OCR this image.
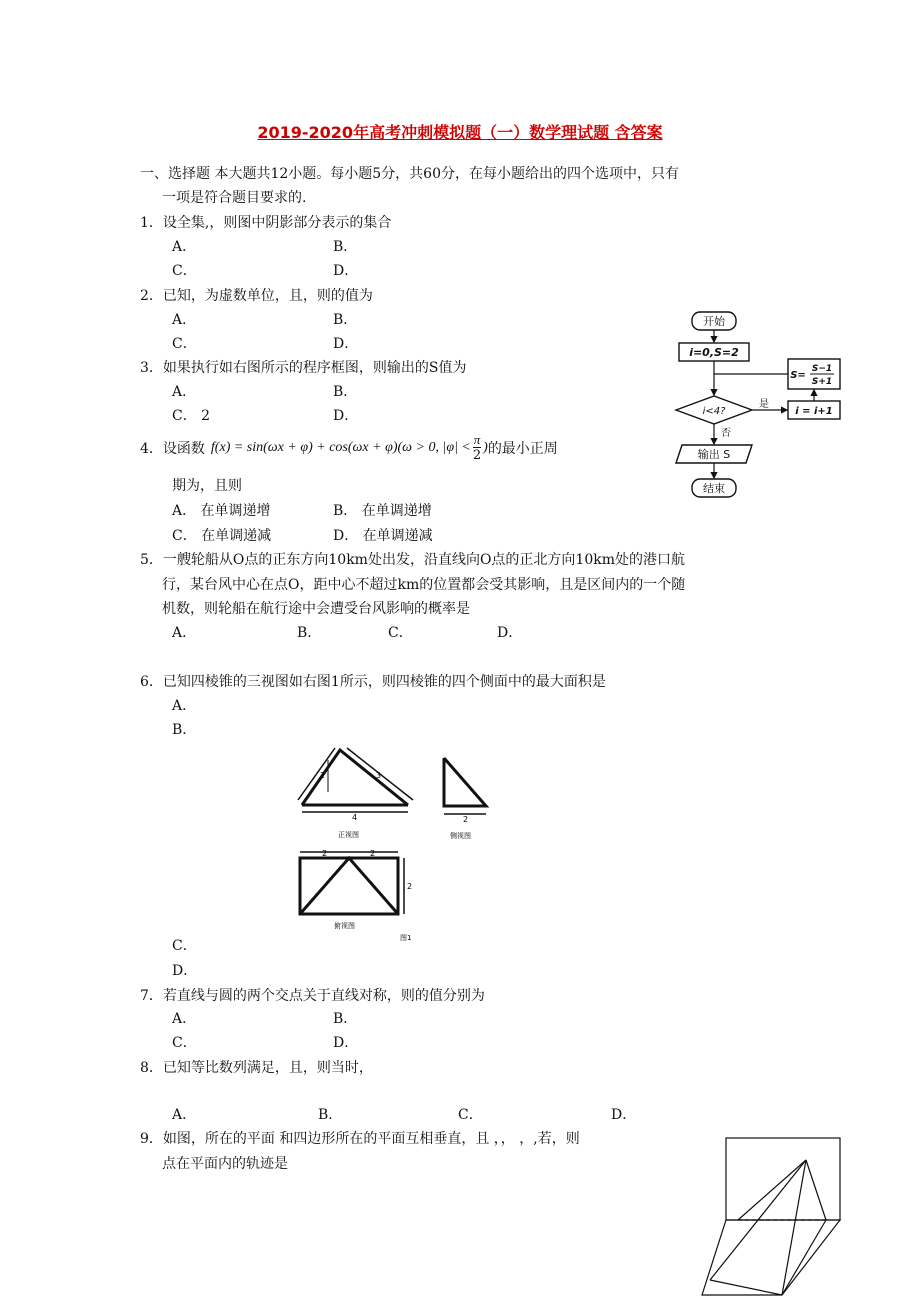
2019-2020年高考冲刺模拟题（一）数学理试题 含答案
一、选择题 本大题共12小题。每小题5分，共60分，在每小题给出的四个选项中，只有
一项是符合题目要求的.
1．设全集,，则图中阴影部分表示的集合
A．	B．
C．	D．
2．已知，为虚数单位，且，则的值为
A．	B．
C．	D．
3．如果执行如右图所示的程序框图，则输出的S值为
A．	B．
C． 2	D．
4．设函数 f(x) = sin(ωx + φ) + cos(ωx + φ)(ω > 0, $|\varphi| < \frac{\pi}{2}$ ) 的最小正周
期为，且则
A． 在单调递增	B． 在单调递增
C． 在单调递减	D． 在单调递减
5．一艘轮船从O点的正东方向10km处出发，沿直线向O点的正北方向10km处的港口航
行，某台风中心在点O，距中心不超过km的位置都会受其影响，且是区间内的一个随
机数，则轮船在航行途中会遭受台风影响的概率是
A．	B．	C．	D．
6．已知四棱锥的三视图如右图1所示，则四棱锥的四个侧面中的最大面积是
A．
B．
2	3
4
正视图
2
侧视图
2	2
2
俯视图
图1
C．
D．
7．若直线与圆的两个交点关于直线对称，则的值分别为
A．	B．
C．	D．
8．已知等比数列满足，且，则当时，
A．	B．	C．	D．
9．如图，所在的平面 和四边形所在的平面互相垂直，且 ，， ，,若，则
点在平面内的轨迹是
开始
i=0,S=2
i<4?
是
否
i = i+1
S=
S−1
S+1
输出 S
结束
